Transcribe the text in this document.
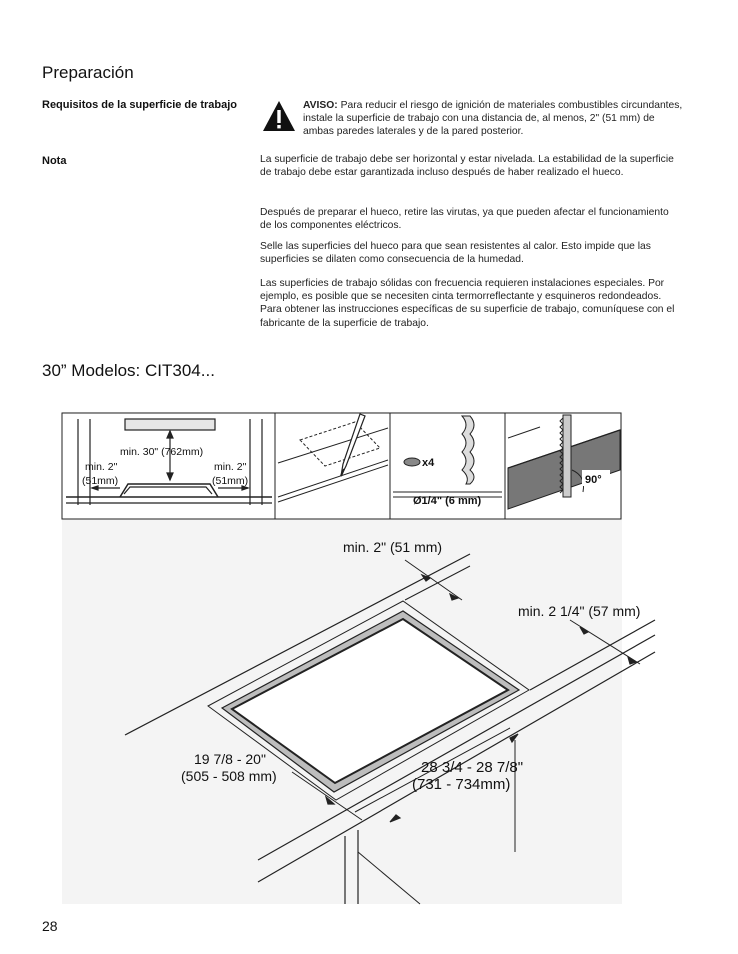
Preparación
Requisitos de la superficie de trabajo	AVISO: Para reducir el riesgo de ignición de materiales combustibles circundantes, instale la superficie de trabajo con una distancia de, al menos, 2" (51 mm) de ambas paredes laterales y de la pared posterior.
Nota	La superficie de trabajo debe ser horizontal y estar nivelada. La estabilidad de la superficie de trabajo debe estar garantizada incluso después de haber realizado el hueco.
Después de preparar el hueco, retire las virutas, ya que pueden afectar el funcionamiento de los componentes eléctricos.
Selle las superficies del hueco para que sean resistentes al calor. Esto impide que las superficies se dilaten como consecuencia de la humedad.
Las superficies de trabajo sólidas con frecuencia requieren instalaciones especiales. Por ejemplo, es posible que se necesiten cinta termorreflectante y esquineros redondeados. Para obtener las instrucciones específicas de su superficie de trabajo, comuníquese con el fabricante de la superficie de trabajo.
30” Modelos: CIT304...
min. 30" (762mm)
min. 2"
(51mm)
min. 2"
(51mm)
x4
Ø1/4" (6 mm)
90°
min. 2" (51 mm)
min. 2 1/4" (57 mm)
19 7/8 - 20"
(505 - 508 mm)	28 3/4 - 28 7/8"
(731 - 734mm)
28
